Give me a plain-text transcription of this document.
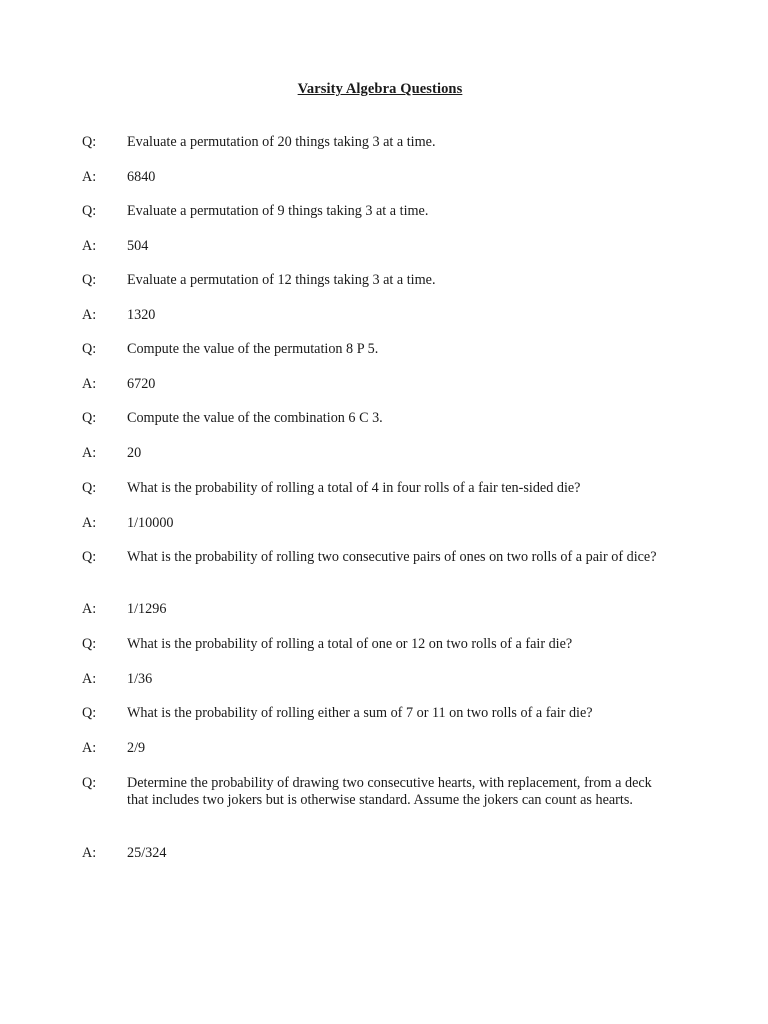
Varsity Algebra Questions
Q: Evaluate a permutation of 20 things taking 3 at a time.
A: 6840
Q: Evaluate a permutation of 9 things taking 3 at a time.
A: 504
Q: Evaluate a permutation of 12 things taking 3 at a time.
A: 1320
Q: Compute the value of the permutation 8 P 5.
A: 6720
Q: Compute the value of the combination 6 C 3.
A: 20
Q: What is the probability of rolling a total of 4 in four rolls of a fair ten-sided die?
A: 1/10000
Q: What is the probability of rolling two consecutive pairs of ones on two rolls of a pair of dice?
A: 1/1296
Q: What is the probability of rolling a total of one or 12 on two rolls of a fair die?
A: 1/36
Q: What is the probability of rolling either a sum of 7 or 11 on two rolls of a fair die?
A: 2/9
Q: Determine the probability of drawing two consecutive hearts, with replacement, from a deck that includes two jokers but is otherwise standard. Assume the jokers can count as hearts.
A: 25/324
